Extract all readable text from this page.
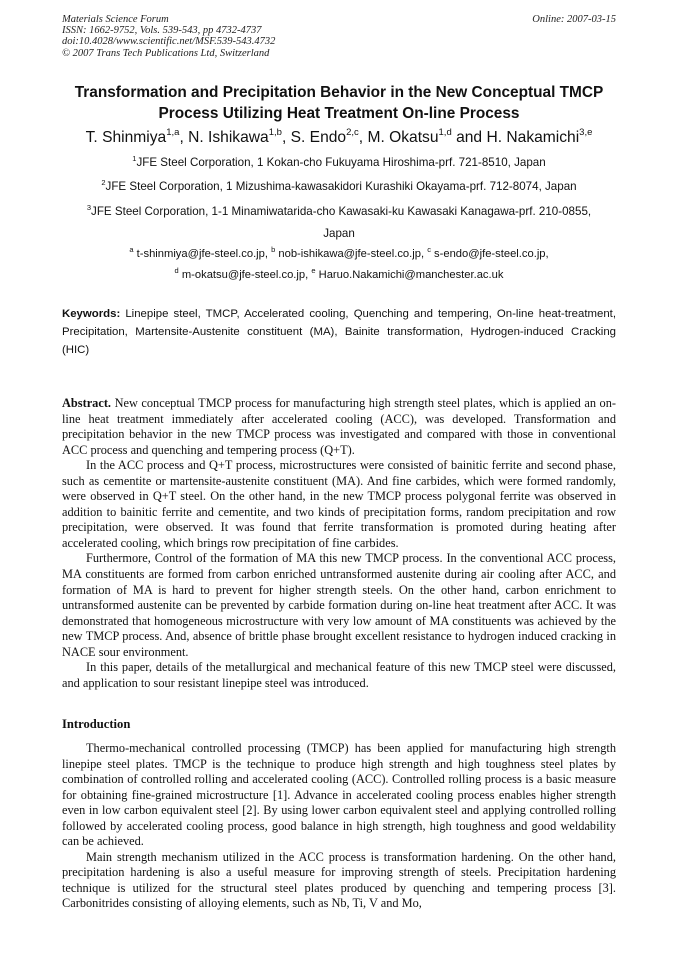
Materials Science Forum
ISSN: 1662-9752, Vols. 539-543, pp 4732-4737
doi:10.4028/www.scientific.net/MSF.539-543.4732
© 2007 Trans Tech Publications Ltd, Switzerland
Online: 2007-03-15
Transformation and Precipitation Behavior in the New Conceptual TMCP
Process Utilizing Heat Treatment On-line Process
T. Shinmiya$^{1,a}$, N. Ishikawa$^{1,b}$, S. Endo$^{2,c}$, M. Okatsu$^{1,d}$ and H. Nakamichi$^{3,e}$
$^1$JFE Steel Corporation, 1 Kokan-cho Fukuyama Hiroshima-prf. 721-8510, Japan
$^2$JFE Steel Corporation, 1 Mizushima-kawasakidori Kurashiki Okayama-prf. 712-8074, Japan
$^3$JFE Steel Corporation, 1-1 Minamiwatarida-cho Kawasaki-ku Kawasaki Kanagawa-prf. 210-0855,
Japan
$^a$ t-shinmiya@jfe-steel.co.jp, $^b$ nob-ishikawa@jfe-steel.co.jp, $^c$ s-endo@jfe-steel.co.jp,
$^d$ m-okatsu@jfe-steel.co.jp, $^e$ Haruo.Nakamichi@manchester.ac.uk
Keywords: Linepipe steel, TMCP, Accelerated cooling, Quenching and tempering, On-line heat-treatment, Precipitation, Martensite-Austenite constituent (MA), Bainite transformation, Hydrogen-induced Cracking (HIC)

Abstract. New conceptual TMCP process for manufacturing high strength steel plates, which is applied an on-line heat treatment immediately after accelerated cooling (ACC), was developed. Transformation and precipitation behavior in the new TMCP process was investigated and compared with those in conventional ACC process and quenching and tempering process (Q+T).

In the ACC process and Q+T process, microstructures were consisted of bainitic ferrite and second phase, such as cementite or martensite-austenite constituent (MA). And fine carbides, which were formed randomly, were observed in Q+T steel. On the other hand, in the new TMCP process polygonal ferrite was observed in addition to bainitic ferrite and cementite, and two kinds of precipitation forms, random precipitation and row precipitation, were observed. It was found that ferrite transformation is promoted during heating after accelerated cooling, which brings row precipitation of fine carbides.

Furthermore, Control of the formation of MA this new TMCP process. In the conventional ACC process, MA constituents are formed from carbon enriched untransformed austenite during air cooling after ACC, and formation of MA is hard to prevent for higher strength steels. On the other hand, carbon enrichment to untransformed austenite can be prevented by carbide formation during on-line heat treatment after ACC. It was demonstrated that homogeneous microstructure with very low amount of MA constituents was achieved by the new TMCP process. And, absence of brittle phase brought excellent resistance to hydrogen induced cracking in NACE sour environment.

In this paper, details of the metallurgical and mechanical feature of this new TMCP steel were discussed, and application to sour resistant linepipe steel was introduced.

Introduction

Thermo-mechanical controlled processing (TMCP) has been applied for manufacturing high strength linepipe steel plates. TMCP is the technique to produce high strength and high toughness steel plates by combination of controlled rolling and accelerated cooling (ACC). Controlled rolling process is a basic measure for obtaining fine-grained microstructure [1]. Advance in accelerated cooling process enables higher strength even in low carbon equivalent steel [2]. By using lower carbon equivalent steel and applying controlled rolling followed by accelerated cooling process, good balance in high strength, high toughness and good weldability can be achieved.

Main strength mechanism utilized in the ACC process is transformation hardening. On the other hand, precipitation hardening is also a useful measure for improving strength of steels. Precipitation hardening technique is utilized for the structural steel plates produced by quenching and tempering process [3]. Carbonitrides consisting of alloying elements, such as Nb, Ti, V and Mo,
